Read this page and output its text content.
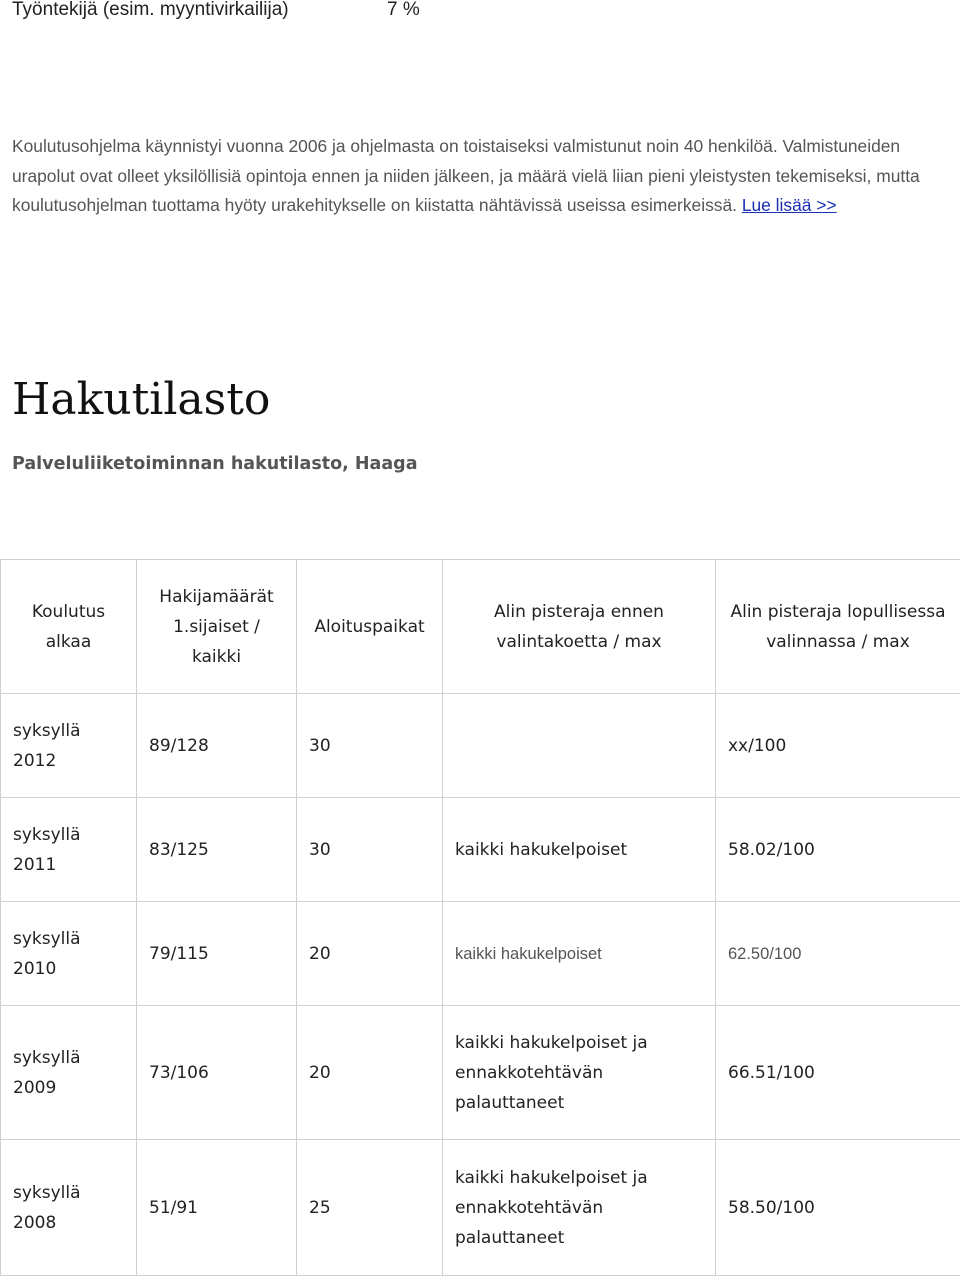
Työntekijä (esim. myyntivirkailija)	7 %

Koulutusohjelma käynnistyi vuonna 2006 ja ohjelmasta on toistaiseksi valmistunut noin 40 henkilöä. Valmistuneiden urapolut ovat olleet yksilöllisiä opintoja ennen ja niiden jälkeen, ja määrä vielä liian pieni yleistysten tekemiseksi, mutta koulutusohjelman tuottama hyöty urakehitykselle on kiistatta nähtävissä useissa esimerkeissä. Lue lisää >>

Hakutilasto
Palveluliiketoiminnan hakutilasto, Haaga
Koulutus alkaa	Hakijamäärät 1.sijaiset / kaikki	Aloituspaikat	Alin pisteraja ennen valintakoetta / max	Alin pisteraja lopullisessa valinnassa / max
syksyllä 2012	89/128	30		xx/100
syksyllä 2011	83/125	30	kaikki hakukelpoiset	58.02/100
syksyllä 2010	79/115	20	kaikki hakukelpoiset	62.50/100
syksyllä 2009	73/106	20	kaikki hakukelpoiset ja ennakkotehtävän palauttaneet	66.51/100
syksyllä 2008	51/91	25	kaikki hakukelpoiset ja ennakkotehtävän palauttaneet	58.50/100
